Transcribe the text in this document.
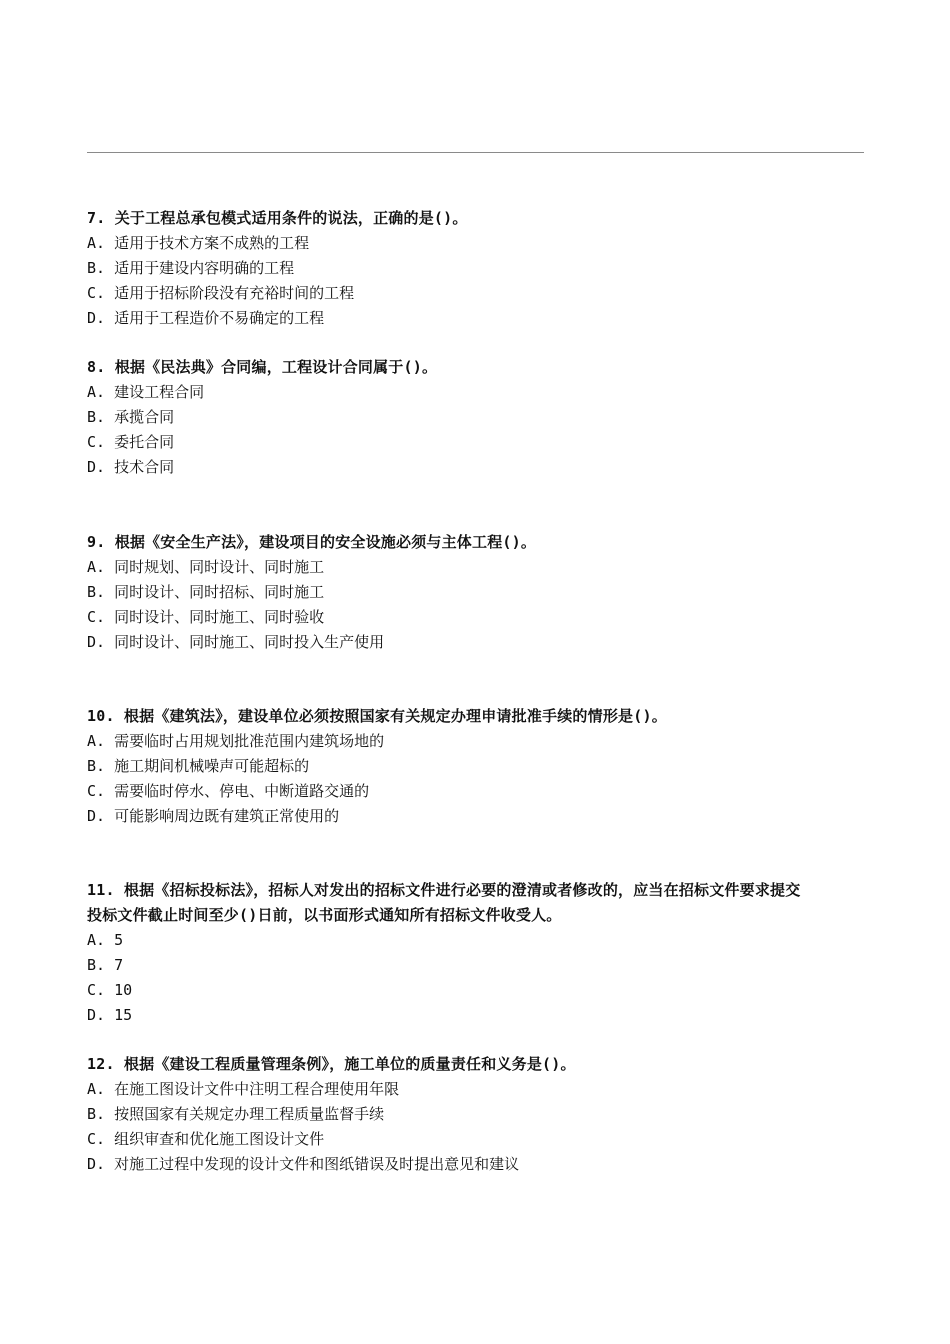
7. 关于工程总承包模式适用条件的说法，正确的是()。

A. 适用于技术方案不成熟的工程

B. 适用于建设内容明确的工程

C. 适用于招标阶段没有充裕时间的工程

D. 适用于工程造价不易确定的工程

8. 根据《民法典》合同编，工程设计合同属于()。

A. 建设工程合同

B. 承揽合同

C. 委托合同

D. 技术合同

9. 根据《安全生产法》，建设项目的安全设施必须与主体工程()。

A. 同时规划、同时设计、同时施工

B. 同时设计、同时招标、同时施工

C. 同时设计、同时施工、同时验收

D. 同时设计、同时施工、同时投入生产使用

10. 根据《建筑法》，建设单位必须按照国家有关规定办理申请批准手续的情形是()。

A. 需要临时占用规划批准范围内建筑场地的

B. 施工期间机械噪声可能超标的

C. 需要临时停水、停电、中断道路交通的

D. 可能影响周边既有建筑正常使用的

11. 根据《招标投标法》，招标人对发出的招标文件进行必要的澄清或者修改的，应当在招标文件要求提交

投标文件截止时间至少()日前，以书面形式通知所有招标文件收受人。

A. 5

B. 7

C. 10

D. 15

12. 根据《建设工程质量管理条例》，施工单位的质量责任和义务是()。

A. 在施工图设计文件中注明工程合理使用年限

B. 按照国家有关规定办理工程质量监督手续

C. 组织审查和优化施工图设计文件

D. 对施工过程中发现的设计文件和图纸错误及时提出意见和建议
